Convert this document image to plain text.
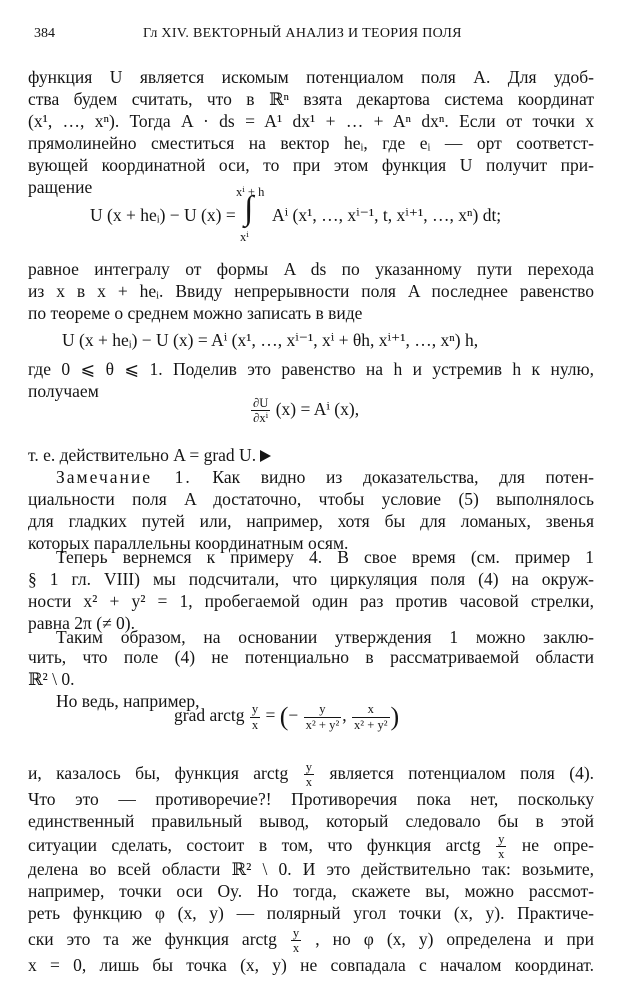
384	Гл XIV. ВЕКТОРНЫЙ АНАЛИЗ И ТЕОРИЯ ПОЛЯ
функция U является искомым потенциалом поля A. Для удоб-
ства будем считать, что в ℝⁿ взята декартова система координат
(x¹, …, xⁿ). Тогда A · ds = A¹ dx¹ + … + Aⁿ dxⁿ. Если от точки x
прямолинейно сместиться на вектор heᵢ, где eᵢ — орт соответст-
вующей координатной оси, то при этом функция U получит при-
ращение
U (x + heᵢ) − U (x) =
xⁱ + h
∫
xⁱ
Aⁱ (x¹, …, xⁱ⁻¹, t, xⁱ⁺¹, …, xⁿ) dt;
равное интегралу от формы A ds по указанному пути перехода
из x в x + heᵢ. Ввиду непрерывности поля A последнее равенство
по теореме о среднем можно записать в виде
U (x + heᵢ) − U (x) = Aⁱ (x¹, …, xⁱ⁻¹, xⁱ + θh, xⁱ⁺¹, …, xⁿ) h,
где 0 ⩽ θ ⩽ 1. Поделив это равенство на h и устремив h к нулю,
получаем
$\frac{\partial U}{\text{∂xⁱ}} (x) = A^i$ (x),
т. е. действительно A = grad U.
Замечание 1. Как видно из доказательства, для потен-
циальности поля A достаточно, чтобы условие (5) выполнялось
для гладких путей или, например, хотя бы для ломаных, звенья
которых параллельны координатным осям.
Теперь вернемся к примеру 4. В свое время (см. пример 1
§ 1 гл. VIII) мы подсчитали, что циркуляция поля (4) на окруж-
ности x² + y² = 1, пробегаемой один раз против часовой стрелки,
равна 2π (≠ 0).
Таким образом, на основании утверждения 1 можно заклю-
чить, что поле (4) не потенциально в рассматриваемой области
ℝ² \ 0.
Но ведь, например,
grad arctg $\frac{y}{x}$ = (− $\frac{y}{\text{x² + y²}}$ , $\frac{x}{\text{x² + y²}}$ )
и, казалось бы, функция arctg $\frac{y}{x}$ является потенциалом поля (4).
Что это — противоречие?! Противоречия пока нет, поскольку
единственный правильный вывод, который следовало бы в этой
ситуации сделать, состоит в том, что функция arctg $\frac{y}{x}$ не опре-
делена во всей области ℝ² \ 0. И это действительно так: возьмите,
например, точки оси Oy. Но тогда, скажете вы, можно рассмот-
реть функцию φ (x, y) — полярный угол точки (x, y). Практиче-
ски это та же функция arctg $\frac{y}{x}$ , но φ (x, y) определена и при
x = 0, лишь бы точка (x, y) не совпадала с началом координат.
